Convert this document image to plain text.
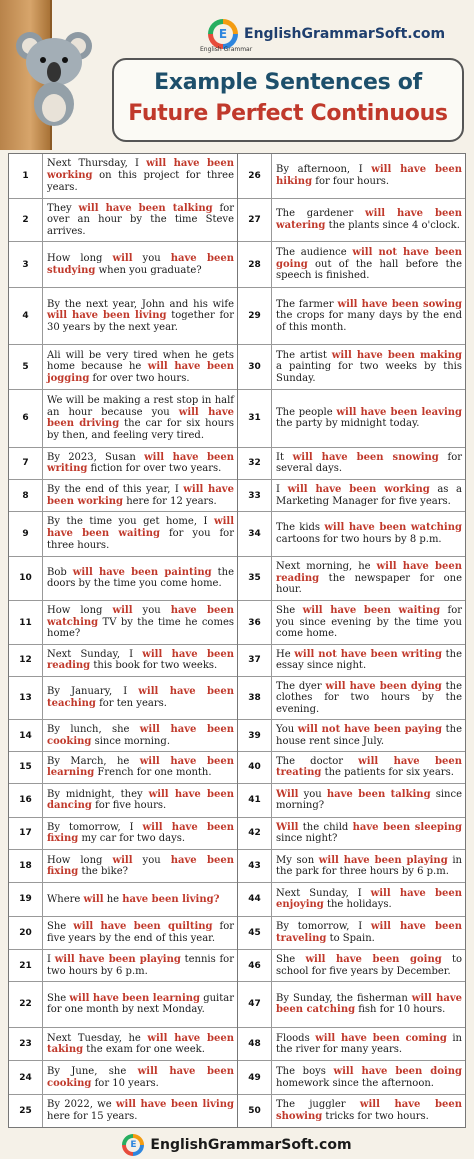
E	EnglishGrammarSoft.com
English Grammar
Example Sentences of
Future Perfect Continuous
1
Next Thursday, I will have been working on this project for three years.
2
They will have been talking for over an hour by the time Steve arrives.
3
How long will you have been studying when you graduate?
4
By the next year, John and his wife will have been living together for 30 years by the next year.
5
Ali will be very tired when he gets home because he will have been jogging for over two hours.
6
We will be making a rest stop in half an hour because you will have been driving the car for six hours by then, and feeling very tired.
7
By 2023, Susan will have been writing fiction for over two years.
8
By the end of this year, I will have been working here for 12 years.
9
By the time you get home, I will have been waiting for you for three hours.
10
Bob will have been painting the doors by the time you come home.
11
How long will you have been watching TV by the time he comes home?
12
Next Sunday, I will have been reading this book for two weeks.
13
By January, I will have been teaching for ten years.
14
By lunch, she will have been cooking since morning.
15
By March, he will have been learning French for one month.
16
By midnight, they will have been dancing for five hours.
17
By tomorrow, I will have been fixing my car for two days.
18
How long will you have been fixing the bike?
19	Where will he have been living?
20
She will have been quilting for five years by the end of this year.
21
I will have been playing tennis for two hours by 6 p.m.
22
She will have been learning guitar for one month by next Monday.
23
Next Tuesday, he will have been taking the exam for one week.
24
By June, she will have been cooking for 10 years.
25
By 2022, we will have been living here for 15 years.
26
By afternoon, I will have been hiking for four hours.
27
The gardener will have been watering the plants since 4 o'clock.
28
The audience will not have been going out of the hall before the speech is finished.
29
The farmer will have been sowing the crops for many days by the end of this month.
30
The artist will have been making a painting for two weeks by this Sunday.
31
The people will have been leaving the party by midnight today.
32
It will have been snowing for several days.
33
I will have been working as a Marketing Manager for five years.
34
The kids will have been watching cartoons for two hours by 8 p.m.
35
Next morning, he will have been reading the newspaper for one hour.
36
She will have been waiting for you since evening by the time you come home.
37
He will not have been writing the essay since night.
38
The dyer will have been dying the clothes for two hours by the evening.
39
You will not have been paying the house rent since July.
40
The doctor will have been treating the patients for six years.
41
Will you have been talking since morning?
42
Will the child have been sleeping since night?
43
My son will have been playing in the park for three hours by 6 p.m.
44
Next Sunday, I will have been enjoying the holidays.
45
By tomorrow, I will have been traveling to Spain.
46
She will have been going to school for five years by December.
47
By Sunday, the fisherman will have been catching fish for 10 hours.
48
Floods will have been coming in the river for many years.
49
The boys will have been doing homework since the afternoon.
50
The juggler will have been showing tricks for two hours.
E EnglishGrammarSoft.com
